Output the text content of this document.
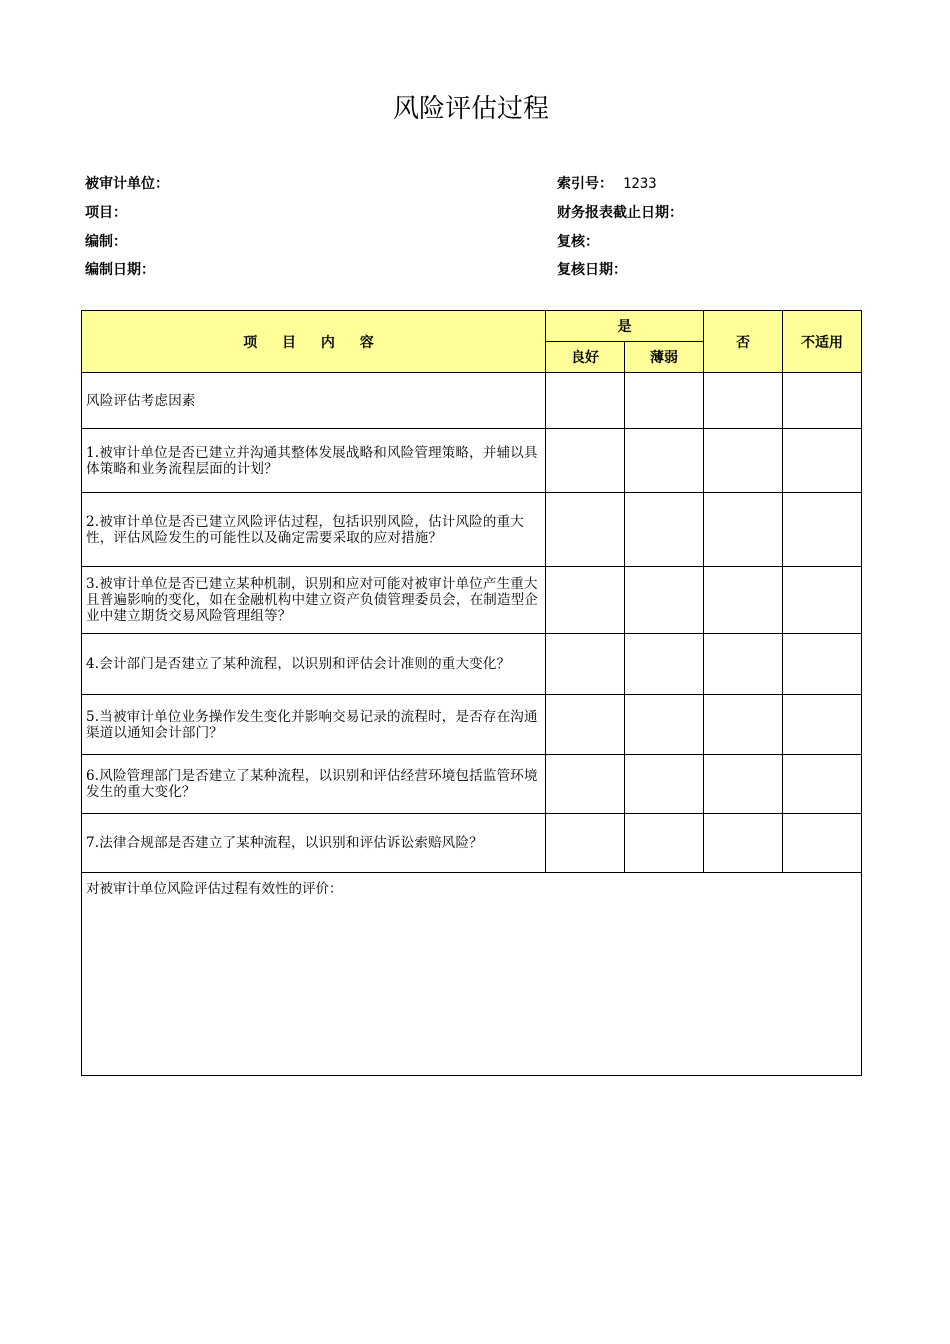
风险评估过程
被审计单位：	索引号： 1233
项目：	财务报表截止日期：
编制：	复核：
编制日期：	复核日期：
项 目 内 容	是		否	不适用
	良好	薄弱		
风险评估考虑因素				
1.被审计单位是否已建立并沟通其整体发展战略和风险管理策略，并辅以具体策略和业务流程层面的计划？				
2.被审计单位是否已建立风险评估过程，包括识别风险，估计风险的重大性，评估风险发生的可能性以及确定需要采取的应对措施？				
3.被审计单位是否已建立某种机制，识别和应对可能对被审计单位产生重大且普遍影响的变化，如在金融机构中建立资产负债管理委员会，在制造型企业中建立期货交易风险管理组等？				
4.会计部门是否建立了某种流程，以识别和评估会计准则的重大变化？				
5.当被审计单位业务操作发生变化并影响交易记录的流程时，是否存在沟通渠道以通知会计部门？				
6.风险管理部门是否建立了某种流程，以识别和评估经营环境包括监管环境发生的重大变化？				
7.法律合规部是否建立了某种流程，以识别和评估诉讼索赔风险？				
对被审计单位风险评估过程有效性的评价：				
